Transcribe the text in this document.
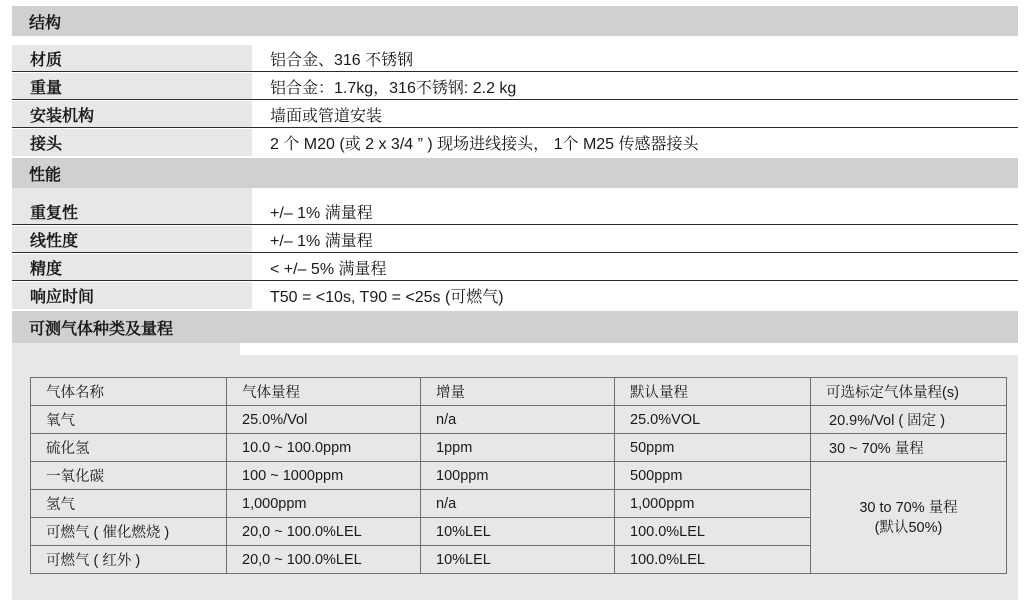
结构
材质	铝合金、316 不锈钢
重量	铝合金：1.7kg，316不锈钢: 2.2 kg
安装机构	墙面或管道安装
接头	2 个 M20 (或 2 x 3/4 ” ) 现场进线接头， 1个 M25 传感器接头
性能
重复性	+/– 1% 满量程
线性度	+/– 1% 满量程
精度	< +/– 5% 满量程
响应时间	T50 = <10s, T90 = <25s (可燃气)
可测气体种类及量程
气体名称	气体量程	增量	默认量程	可选标定气体量程(s)
氧气	25.0%/Vol	n/a	25.0%VOL	20.9%/Vol ( 固定 )
硫化氢	10.0 ~ 100.0ppm	1ppm	50ppm	30 ~ 70% 量程
一氧化碳	100 ~ 1000ppm	100ppm	500ppm	30 to 70% 量程
(默认50%)

氢气	1,000ppm	n/a	1,000ppm	
可燃气 ( 催化燃烧 )	20,0 ~ 100.0%LEL	10%LEL	100.0%LEL	
可燃气 ( 红外 )	20,0 ~ 100.0%LEL	10%LEL	100.0%LEL	
